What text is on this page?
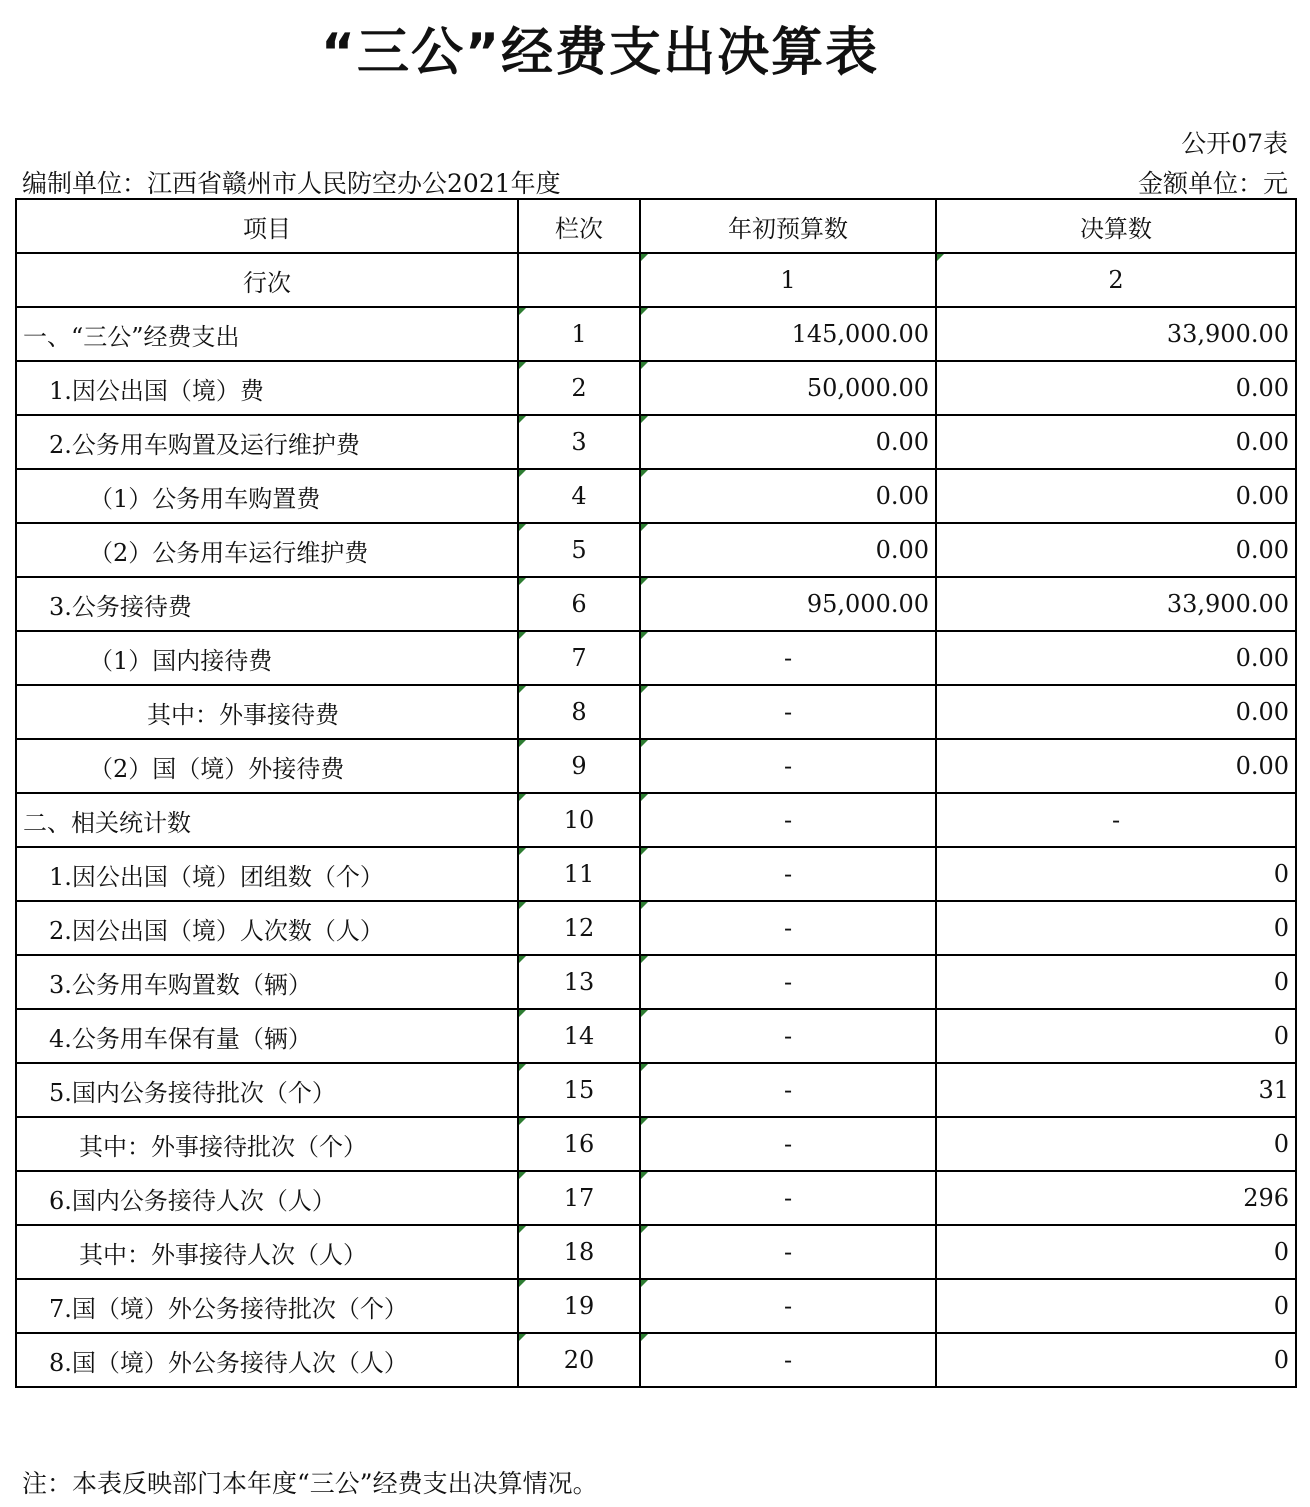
“三公”经费支出决算表
公开07表
编制单位：江西省赣州市人民防空办公2021年度	金额单位：元
项目	栏次	年初预算数	决算数
行次		1	2
一、“三公”经费支出	1	145,000.00	33,900.00
1.因公出国（境）费	2	50,000.00	0.00
2.公务用车购置及运行维护费	3	0.00	0.00
（1）公务用车购置费	4	0.00	0.00
（2）公务用车运行维护费	5	0.00	0.00
3.公务接待费	6	95,000.00	33,900.00
（1）国内接待费	7	-	0.00
其中：外事接待费	8	-	0.00
（2）国（境）外接待费	9	-	0.00
二、相关统计数	10	-	-
1.因公出国（境）团组数（个）	11	-	0
2.因公出国（境）人次数（人）	12	-	0
3.公务用车购置数（辆）	13	-	0
4.公务用车保有量（辆）	14	-	0
5.国内公务接待批次（个）	15	-	31
其中：外事接待批次（个）	16	-	0
6.国内公务接待人次（人）	17	-	296
其中：外事接待人次（人）	18	-	0
7.国（境）外公务接待批次（个）	19	-	0
8.国（境）外公务接待人次（人）	20	-	0
注：本表反映部门本年度“三公”经费支出决算情况。
